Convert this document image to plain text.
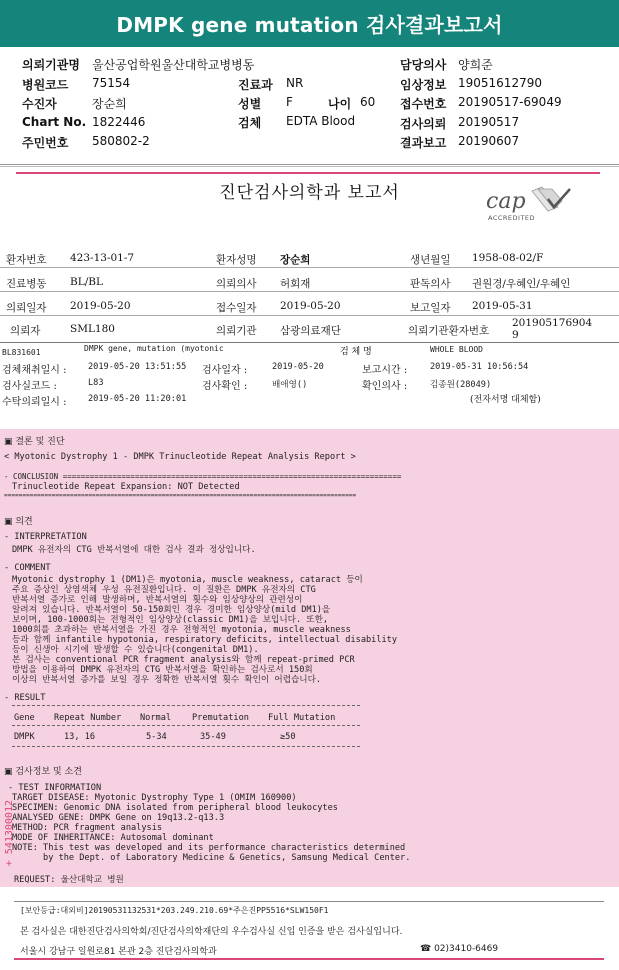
DMPK gene mutation 검사결과보고서
의뢰기관명 울산공업학원울산대학교병병동	담당의사 양희준
병원코드 75154	진료과 NR	임상정보 19051612790
수진자	장순희	성별 F	나이 60 접수번호 20190517-69049
Chart No. 1822446	검체 EDTA Blood	검사의뢰 20190517
주민번호 580802-2	결과보고 20190607
진단검사의학과 보고서	cap
ACCREDITED
환자번호 423-13-01-7	환자성명 장순희	생년월일 1958-08-02/F
진료병동 BL/BL	의뢰의사 허회재	판독의사 권원경/우혜인/우혜인
의뢰일자 2019-05-20	접수일자 2019-05-20	보고일자 2019-05-31
의뢰자	SML180	의뢰기관 삼광의료재단	의뢰기관환자번호
201905176904
9
BL831601	DMPK gene, mutation (myotonic	검 체 명	WHOLE BLOOD
검체채취일시 : 2019-05-20 13:51:55 검사일자 :	2019-05-20	보고시간 :	2019-05-31 10:56:54
검사실코드 :	L83	검사확인 :	배애영()	확인의사 :	김종원(28049)
수탁의뢰일시 : 2019-05-20 11:20:01	(전자서명 대체함)
▣ 결론 및 진단
< Myotonic Dystrophy 1 - DMPK Trinucleotide Repeat Analysis Report >
- CONCLUSION ===========================================================================
Trinucleotide Repeat Expansion: NOT Detected
================================================================================================
▣ 의견
- INTERPRETATION
DMPK 유전자의 CTG 반복서열에 대한 검사 결과 정상입니다.
- COMMENT
Myotonic dystrophy 1 (DM1)은 myotonia, muscle weakness, cataract 등이
주요 증상인 상염색체 우성 유전질환입니다. 이 질환은 DMPK 유전자의 CTG
반복서열 증가로 인해 발생하며, 반복서열의 횟수와 임상양상의 관련성이
알려져 있습니다. 반복서열이 50-150회인 경우 경미한 임상양상(mild DM1)을
보이며, 100-1000회는 전형적인 임상양상(classic DM1)을 보입니다. 또한,
1000회를 초과하는 반복서열을 가진 경우 전형적인 myotonia, muscle weakness
등과 함께 infantile hypotonia, respiratory deficits, intellectual disability
등이 신생아 시기에 발생할 수 있습니다(congenital DM1).
본 검사는 conventional PCR fragment analysis와 함께 repeat-primed PCR
방법을 이용하여 DMPK 유전자의 CTG 반복서열을 확인하는 검사로서 150회
이상의 반복서열 증가를 보일 경우 정확한 반복서열 횟수 확인이 어렵습니다.
- RESULT
Gene Repeat Number Normal Premutation Full Mutation
DMPK	13, 16	5-34	35-49	≥50
▣ 검사정보 및 소견
- TEST INFORMATION
TARGET DISEASE: Myotonic Dystrophy Type 1 (OMIM 160900)
SPECIMEN: Genomic DNA isolated from peripheral blood leukocytes
ANALYSED GENE: DMPK Gene on 19q13.2-q13.3
METHOD: PCR fragment analysis
MODE OF INHERITANCE: Autosomal dominant
NOTE: This test was developed and its performance characteristics determined
by the Dept. of Laboratory Medicine & Genetics, Samsung Medical Center.
REQUEST: 울산대학교 병원
+ 541300012
[보안등급:대외비]20190531132531*203.249.210.69*주은진PP5516*SLW150F1
본 검사실은 대한진단검사의학회/진단검사의학재단의 우수검사실 신입 인증을 받은 검사실입니다.
서울시 강남구 일원로81 본관 2층 진단검사의학과	☎ 02)3410-6469
